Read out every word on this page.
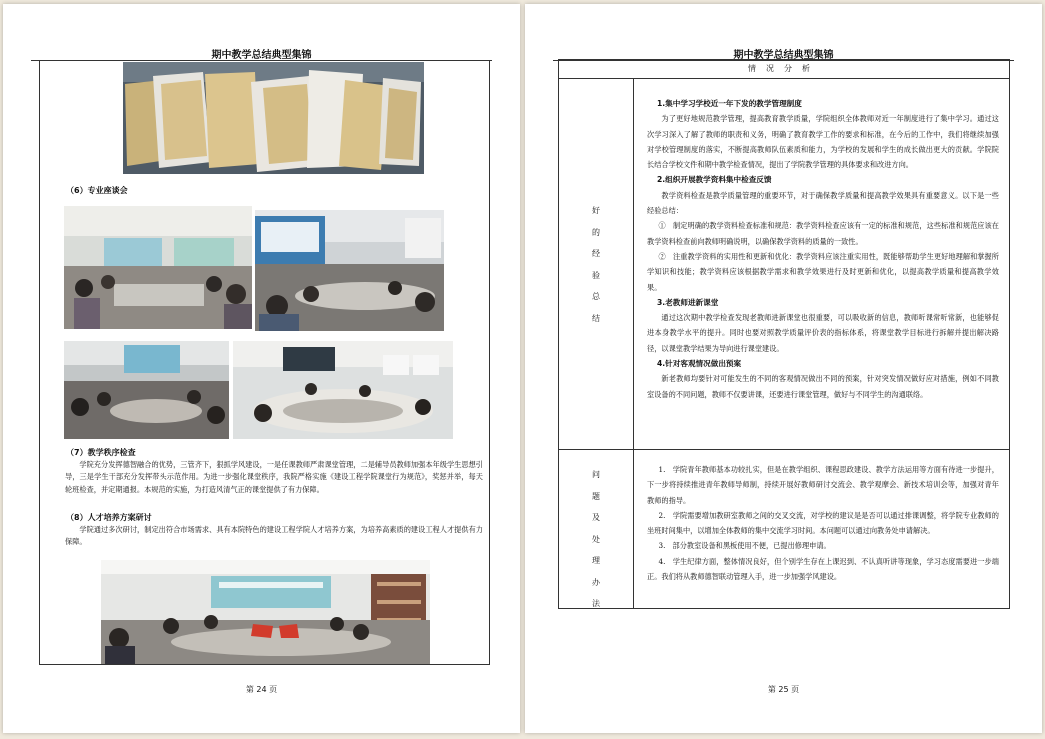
期中教学总结典型集锦
（6）专业座谈会
（7）教学秩序检查
学院充分发挥德智融合的优势，三管齐下，狠抓学风建设，一是任课教师严肃课堂管理，二是辅导员教师加强本年级学生思想引导，三是学生干部充分发挥带头示范作用。为进一步强化课堂秩序，我院严格实施《建设工程学院课堂行为规范》，奖惩并举，每天轮班检查，并定期通报。本规范的实施，为打造风清气正的课堂提供了有力保障。
（8）人才培养方案研讨
学院通过多次研讨，制定出符合市场需求、具有本院特色的建设工程学院人才培养方案，为培养高素质的建设工程人才提供有力保障。
第 24 页
期中教学总结典型集锦
情况分析
好
的
经
验
总
结
1.集中学习学校近一年下发的教学管理制度

为了更好地规范教学管理，提高教育教学质量，学院组织全体教师对近一年制度进行了集中学习。通过这次学习深入了解了教师的职责和义务，明确了教育教学工作的要求和标准，在今后的工作中，我们将继续加强对学校管理制度的落实，不断提高教师队伍素质和能力，为学校的发展和学生的成长做出更大的贡献。学院院长结合学校文件和期中教学检查情况，提出了学院教学管理的具体要求和改进方向。

2.组织开展教学资料集中检查反馈

教学资料检查是教学质量管理的重要环节，对于确保教学质量和提高教学效果具有重要意义。以下是一些经验总结：

①　制定明确的教学资料检查标准和规范：教学资料检查应该有一定的标准和规范，这些标准和规范应该在教学资料检查前向教师明确说明，以确保教学资料的质量的一致性。

②　注重教学资料的实用性和更新和优化：教学资料应该注重实用性，既能够帮助学生更好地理解和掌握所学知识和技能；教学资料应该根据教学需求和教学效果进行及时更新和优化，以提高教学质量和提高教学效果。

3.老教师进新课堂

通过这次期中教学检查发现老教师进新课堂也很重要，可以吸收新的信息，教师听课常听常新，也能够促进本身教学水平的提升。同时也要对照教学质量评价表的指标体系，将课堂教学目标进行拆解并提出解决路径，以课堂教学结果为导向进行课堂建设。

4.针对客观情况做出预案

新老教师均要针对可能发生的不同的客观情况做出不同的预案，针对突发情况做好应对措施，例如不同教室设备的不同问题，教师不仅要讲课，还要进行课堂管理，做好与不同学生的沟通联络。

问
题
及
处
理
办
法

1.　学院青年教师基本功较扎实，但是在教学组织、课程思政建设、教学方法运用等方面有待进一步提升，下一步将持续推进青年教师导师制，持续开展好教师研讨交流会、教学观摩会、新技术培训会等，加强对青年教师的指导。

2.　学院需要增加教研室教师之间的交叉交流，对学校的建议是是否可以通过排课调整，将学院专业教师的坐班时间集中，以增加全体教师的集中交流学习时间。本问题可以通过向教务处申请解决。

3.　部分教室设备和黑板使用不便，已提出修理申请。

4.　学生纪律方面，整体情况良好，但个别学生存在上课迟到、不认真听讲等现象，学习态度需要进一步端正。我们将从教师德智联动管理入手，进一步加强学风建设。

第 25 页
